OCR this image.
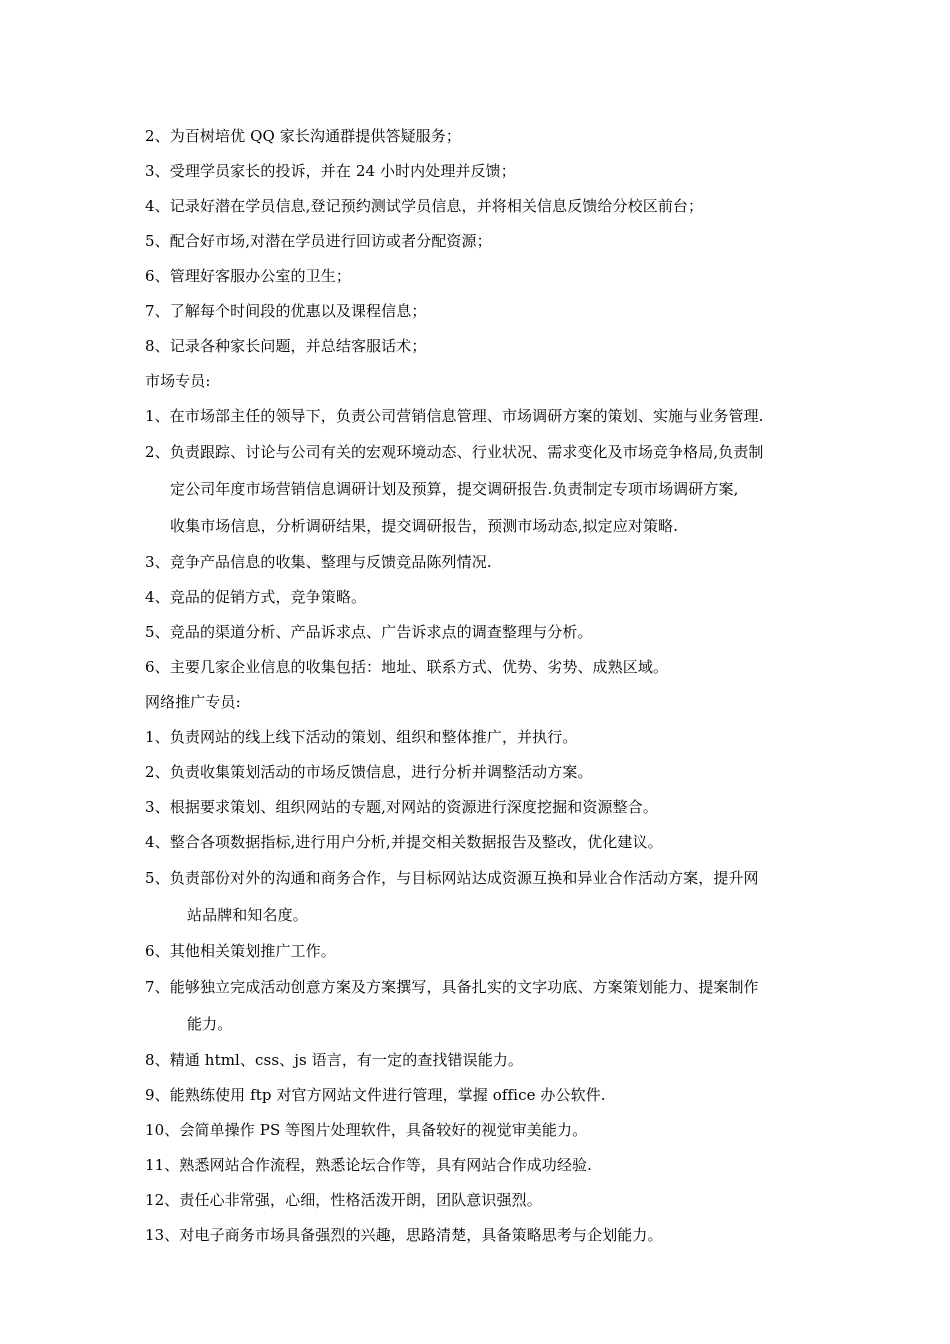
2、为百树培优 QQ 家长沟通群提供答疑服务；
3、受理学员家长的投诉，并在 24 小时内处理并反馈；
4、记录好潜在学员信息,登记预约测试学员信息，并将相关信息反馈给分校区前台；
5、配合好市场,对潜在学员进行回访或者分配资源；
6、管理好客服办公室的卫生；
7、了解每个时间段的优惠以及课程信息；
8、记录各种家长问题，并总结客服话术；
市场专员:
1、在市场部主任的领导下，负责公司营销信息管理、市场调研方案的策划、实施与业务管理.
2、负责跟踪、讨论与公司有关的宏观环境动态、行业状况、需求变化及市场竞争格局,负责制
定公司年度市场营销信息调研计划及预算，提交调研报告.负责制定专项市场调研方案,
收集市场信息，分析调研结果，提交调研报告，预测市场动态,拟定应对策略.
3、竞争产品信息的收集、整理与反馈竞品陈列情况.
4、竞品的促销方式，竞争策略。
5、竞品的渠道分析、产品诉求点、广告诉求点的调查整理与分析。
6、主要几家企业信息的收集包括：地址、联系方式、优势、劣势、成熟区域。
网络推广专员:
1、负责网站的线上线下活动的策划、组织和整体推广，并执行。
2、负责收集策划活动的市场反馈信息，进行分析并调整活动方案。
3、根据要求策划、组织网站的专题,对网站的资源进行深度挖掘和资源整合。
4、整合各项数据指标,进行用户分析,并提交相关数据报告及整改，优化建议。
5、负责部份对外的沟通和商务合作，与目标网站达成资源互换和异业合作活动方案，提升网
站品牌和知名度。
6、其他相关策划推广工作。
7、能够独立完成活动创意方案及方案撰写，具备扎实的文字功底、方案策划能力、提案制作
能力。
8、精通 html、css、js 语言，有一定的查找错误能力。
9、能熟练使用 ftp 对官方网站文件进行管理，掌握 office 办公软件.
10、会简单操作 PS 等图片处理软件，具备较好的视觉审美能力。
11、熟悉网站合作流程，熟悉论坛合作等，具有网站合作成功经验.
12、责任心非常强，心细，性格活泼开朗，团队意识强烈。
13、对电子商务市场具备强烈的兴趣，思路清楚，具备策略思考与企划能力。
